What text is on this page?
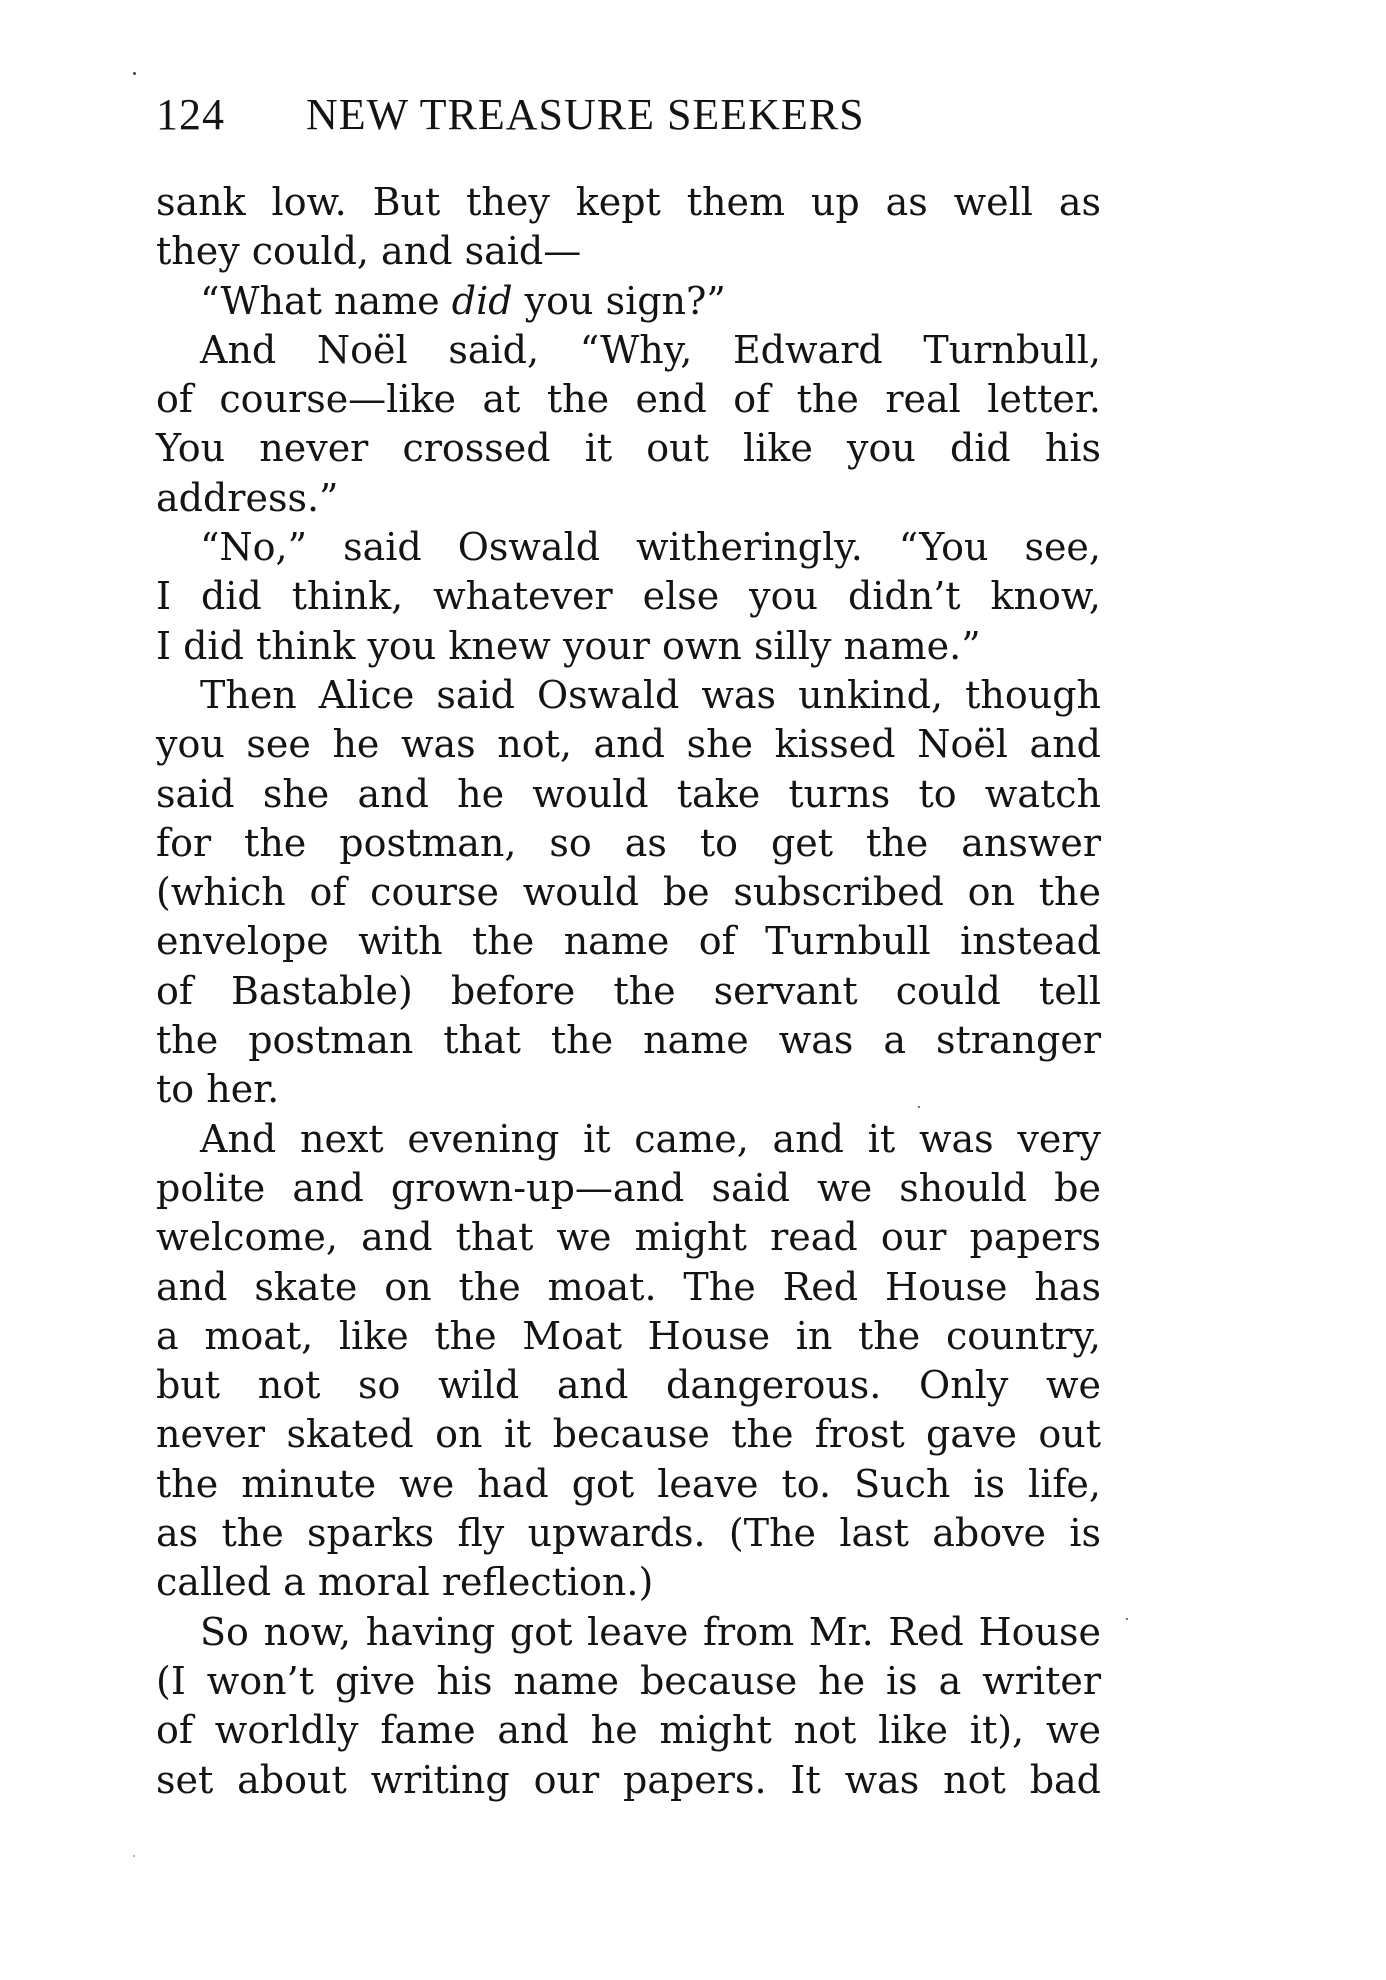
124	NEW TREASURE SEEKERS
sank low. But they kept them up as well as
they could, and said—
“What name did you sign?”
And Noël said, “Why, Edward Turnbull,
of course—like at the end of the real letter.
You never crossed it out like you did his
address.”
“No,” said Oswald witheringly. “You see,
I did think, whatever else you didn’t know,
I did think you knew your own silly name.”
Then Alice said Oswald was unkind, though
you see he was not, and she kissed Noël and
said she and he would take turns to watch
for the postman, so as to get the answer
(which of course would be subscribed on the
envelope with the name of Turnbull instead
of Bastable) before the servant could tell
the postman that the name was a stranger
to her.
And next evening it came, and it was very
polite and grown-up—and said we should be
welcome, and that we might read our papers
and skate on the moat. The Red House has
a moat, like the Moat House in the country,
but not so wild and dangerous. Only we
never skated on it because the frost gave out
the minute we had got leave to. Such is life,
as the sparks fly upwards. (The last above is
called a moral reflection.)
So now, having got leave from Mr. Red House
(I won’t give his name because he is a writer
of worldly fame and he might not like it), we
set about writing our papers. It was not bad
